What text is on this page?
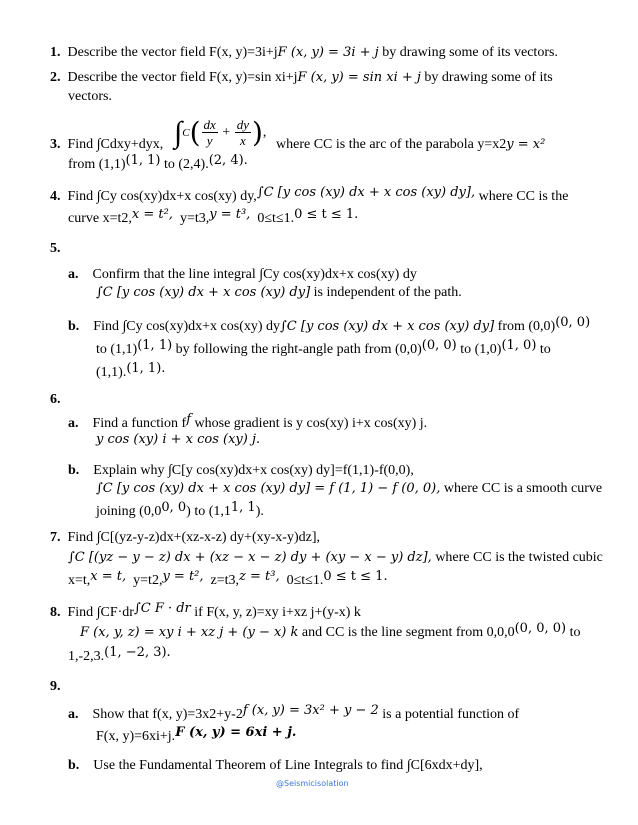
1. Describe the vector field F(x, y)=3i+jF (x, y) = 3i + j by drawing some of its vectors.
2. Describe the vector field F(x, y)=sin xi+jF (x, y) = sin xi + j by drawing some of its
vectors.
3. Find ∫Cdxy+dyx, $\int C( \frac{dx}{y} + \frac{dy}{x}$ ),
where CC is the arc of the parabola y=x2y = x²
from (1,1)(1, 1) to (2,4).(2, 4).
4. Find ∫Cy cos(xy)dx+x cos(xy) dy,∫C [y cos (xy) dx + x cos (xy) dy], where CC is the
curve x=t2,x = t², y=t3,y = t³, 0≤t≤1.0 ≤ t ≤ 1.
5.
a. Confirm that the line integral ∫Cy cos(xy)dx+x cos(xy) dy
∫C [y cos (xy) dx + x cos (xy) dy] is independent of the path.
b. Find ∫Cy cos(xy)dx+x cos(xy) dy∫C [y cos (xy) dx + x cos (xy) dy] from (0,0)(0, 0)
to (1,1)(1, 1) by following the right-angle path from (0,0)(0, 0) to (1,0)(1, 0) to
(1,1).(1, 1).
6.
a. Find a function ff whose gradient is y cos(xy) i+x cos(xy) j.
y cos (xy) i + x cos (xy) j.
b. Explain why ∫C[y cos(xy)dx+x cos(xy) dy]=f(1,1)-f(0,0),
∫C [y cos (xy) dx + x cos (xy) dy] = f (1, 1) − f (0, 0), where CC is a smooth curve
joining (0,00, 0) to (1,11, 1).
7. Find ∫C[(yz-y-z)dx+(xz-x-z) dy+(xy-x-y)dz],
∫C [(yz − y − z) dx + (xz − x − z) dy + (xy − x − y) dz], where CC is the twisted cubic
x=t,x = t, y=t2,y = t², z=t3,z = t³, 0≤t≤1.0 ≤ t ≤ 1.
8. Find ∫CF·dr∫C F · dr if F(x, y, z)=xy i+xz j+(y-x) k
F (x, y, z) = xy i + xz j + (y − x) k and CC is the line segment from 0,0,0(0, 0, 0) to
1,-2,3.(1, −2, 3).
9.
a. Show that f(x, y)=3x2+y-2f (x, y) = 3x² + y − 2 is a potential function of
F(x, y)=6xi+j.F (x, y) = 6xi + j.
b. Use the Fundamental Theorem of Line Integrals to find ∫C[6xdx+dy],
@Seismicisolation
